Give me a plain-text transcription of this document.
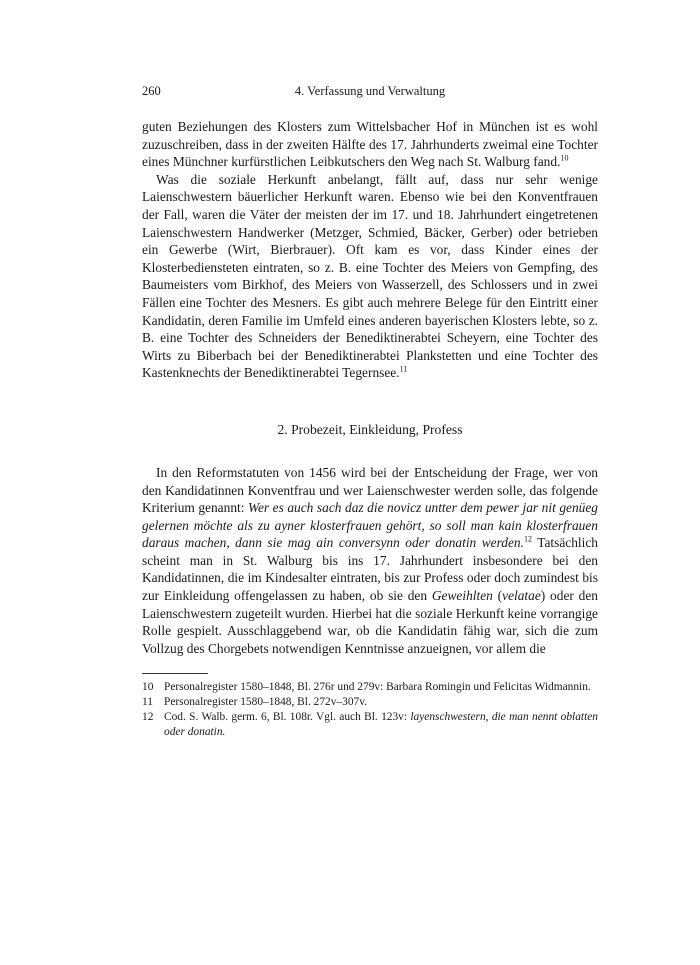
260	4. Verfassung und Verwaltung

guten Beziehungen des Klosters zum Wittelsbacher Hof in München ist es wohl zuzuschreiben, dass in der zweiten Hälfte des 17. Jahrhunderts zweimal eine Tochter eines Münchner kurfürstlichen Leibkutschers den Weg nach St. Walburg fand.$^{10}$

Was die soziale Herkunft anbelangt, fällt auf, dass nur sehr wenige Laienschwestern bäuerlicher Herkunft waren. Ebenso wie bei den Konventfrauen der Fall, waren die Väter der meisten der im 17. und 18. Jahrhundert eingetretenen Laienschwestern Handwerker (Metzger, Schmied, Bäcker, Gerber) oder betrieben ein Gewerbe (Wirt, Bierbrauer). Oft kam es vor, dass Kinder eines der Klosterbediensteten eintraten, so z. B. eine Tochter des Meiers von Gempfing, des Baumeisters vom Birkhof, des Meiers von Wasserzell, des Schlossers und in zwei Fällen eine Tochter des Mesners. Es gibt auch mehrere Belege für den Eintritt einer Kandidatin, deren Familie im Umfeld eines anderen bayerischen Klosters lebte, so z. B. eine Tochter des Schneiders der Benediktinerabtei Scheyern, eine Tochter des Wirts zu Biberbach bei der Benediktinerabtei Plankstetten und eine Tochter des Kastenknechts der Benediktinerabtei Tegernsee.$^{11}$

2. Probezeit, Einkleidung, Profess

In den Reformstatuten von 1456 wird bei der Entscheidung der Frage, wer von den Kandidatinnen Konventfrau und wer Laienschwester werden solle, das folgende Kriterium genannt: Wer es auch sach daz die novicz untter dem pewer jar nit genüeg gelernen möchte als zu ayner klosterfrauen gehört, so soll man kain klosterfrauen daraus machen, dann sie mag ain conversynn oder donatin werden.$^{12}$ Tatsächlich scheint man in St. Walburg bis ins 17. Jahrhundert insbesondere bei den Kandidatinnen, die im Kindesalter eintraten, bis zur Profess oder doch zumindest bis zur Einkleidung offengelassen zu haben, ob sie den Geweihlten (velatae) oder den Laienschwestern zugeteilt wurden. Hierbei hat die soziale Herkunft keine vorrangige Rolle gespielt. Ausschlaggebend war, ob die Kandidatin fähig war, sich die zum Vollzug des Chorgebets notwendigen Kenntnisse anzueignen, vor allem die

10 Personalregister 1580–1848, Bl. 276r und 279v: Barbara Romingin und Felicitas Widmannin.
11 Personalregister 1580–1848, Bl. 272v–307v.
12 Cod. S. Walb. germ. 6, Bl. 108r. Vgl. auch Bl. 123v: layenschwestern, die man nennt oblatten oder donatin.
